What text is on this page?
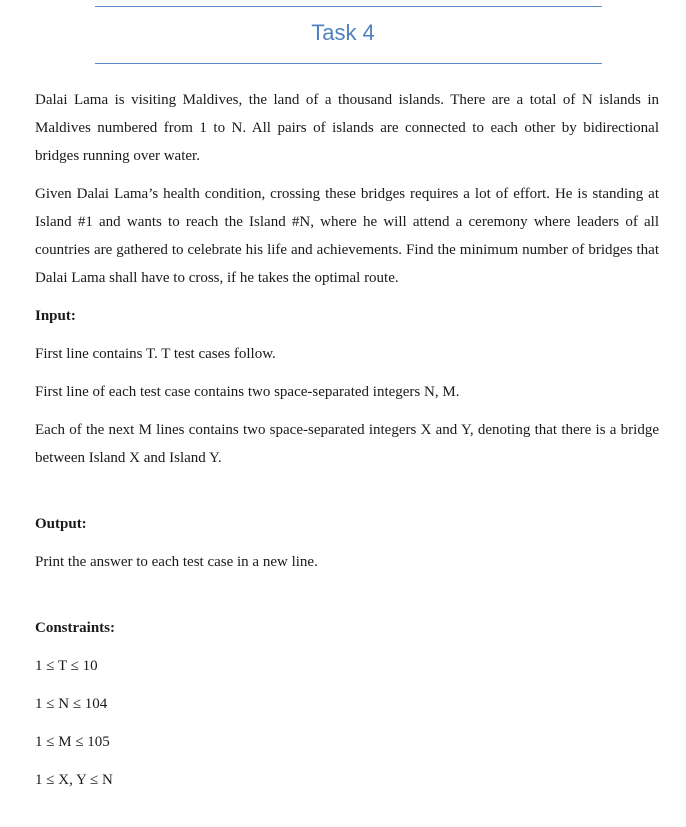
Task 4

Dalai Lama is visiting Maldives, the land of a thousand islands. There are a total of N islands in Maldives numbered from 1 to N. All pairs of islands are connected to each other by bidirectional bridges running over water.

Given Dalai Lama’s health condition, crossing these bridges requires a lot of effort. He is standing at Island #1 and wants to reach the Island #N, where he will attend a ceremony where leaders of all countries are gathered to celebrate his life and achievements. Find the minimum number of bridges that Dalai Lama shall have to cross, if he takes the optimal route.

Input:

First line contains T. T test cases follow.

First line of each test case contains two space-separated integers N, M.

Each of the next M lines contains two space-separated integers X and Y, denoting that there is a bridge between Island X and Island Y.

Output:

Print the answer to each test case in a new line.

Constraints:

1 ≤ T ≤ 10

1 ≤ N ≤ 104

1 ≤ M ≤ 105

1 ≤ X, Y ≤ N
